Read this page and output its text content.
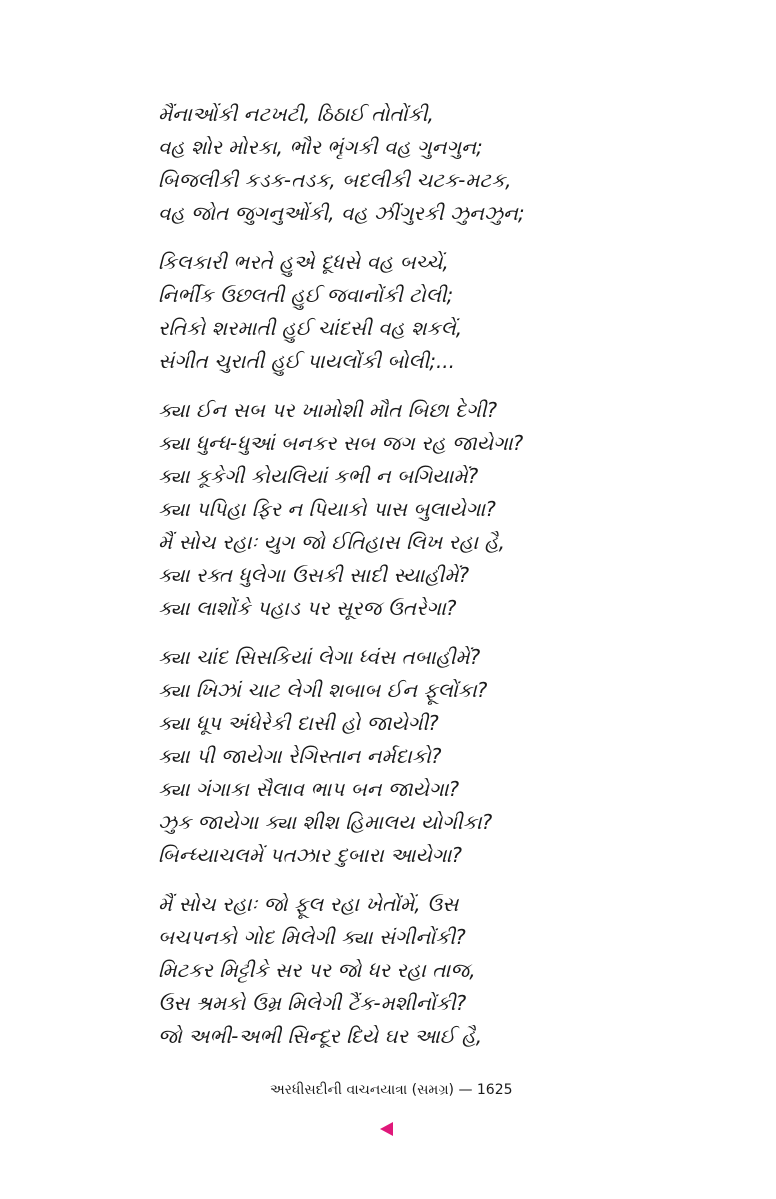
મૈંનાઓંકી નટખટી, ઠિઠાઈ તોતોંકી,
વહ શોર મોરકા, ભૌર ભૃંગકી વહ ગુનગુન;
બિજલીકી કડક-તડક, બદલીકી ચટક-મટક,
વહ જોત જુગનુઓંકી, વહ ઝીંગુરકી ઝુનઝુન;
કિલકારી ભરતે હુએ દૂધસે વહ બચ્ચેં,
નિર્ભીક ઉછલતી હુઈ જવાનોંકી ટોલી;
રતિકો શરમાતી હુઈ ચાંદસી વહ શકલેં,
સંગીત ચુરાતી હુઈ પાયલોંકી બોલી;...
ક્યા ઈન સબ પર ખામોશી મૌત બિછા દેગી?
ક્યા ધુન્ધ-ધુઆં બનકર સબ જગ રહ જાયેગા?
ક્યા કૂકેગી કોયલિયાં કભી ન બગિયામેં?
ક્યા પપિહા ફિર ન પિયાકો પાસ બુલાયેગા?
મૈં સોચ રહાઃ યુગ જો ઈતિહાસ લિખ રહા હૈ,
ક્યા રક્ત ધુલેગા ઉસકી સાદી સ્યાહીમેં?
ક્યા લાશોંકે પહાડ પર સૂરજ ઉતરેગા?
ક્યા ચાંદ સિસકિયાં લેગા ધ્વંસ તબાહીમેં?
ક્યા ખિઝાં ચાટ લેગી શબાબ ઈન ફૂલોંકા?
ક્યા ધૂપ અંધેરેકી દાસી હો જાયેગી?
ક્યા પી જાયેગા રેગિસ્તાન નર્મદાકો?
ક્યા ગંગાકા સૈલાવ ભાપ બન જાયેગા?
ઝુક જાયેગા ક્યા શીશ હિમાલય યોગીકા?
બિન્ધ્યાચલમેં પતઝાર દુબારા આયેગા?
મૈં સોચ રહાઃ જો ફૂલ રહા ખેતોંમેં, ઉસ
બચપનકો ગોદ મિલેગી ક્યા સંગીનોંકી?
મિટકર મિટ્ટીકે સર પર જો ધર રહા તાજ,
ઉસ શ્રમકો ઉમ્ર મિલેગી ટૈંક-મશીનોંકી?
જો અભી-અભી સિન્દૂર દિયે ઘર આઈ હૈ,
અરધીસદીની વાચનયાત્રા (સમગ્ર) — 1625
